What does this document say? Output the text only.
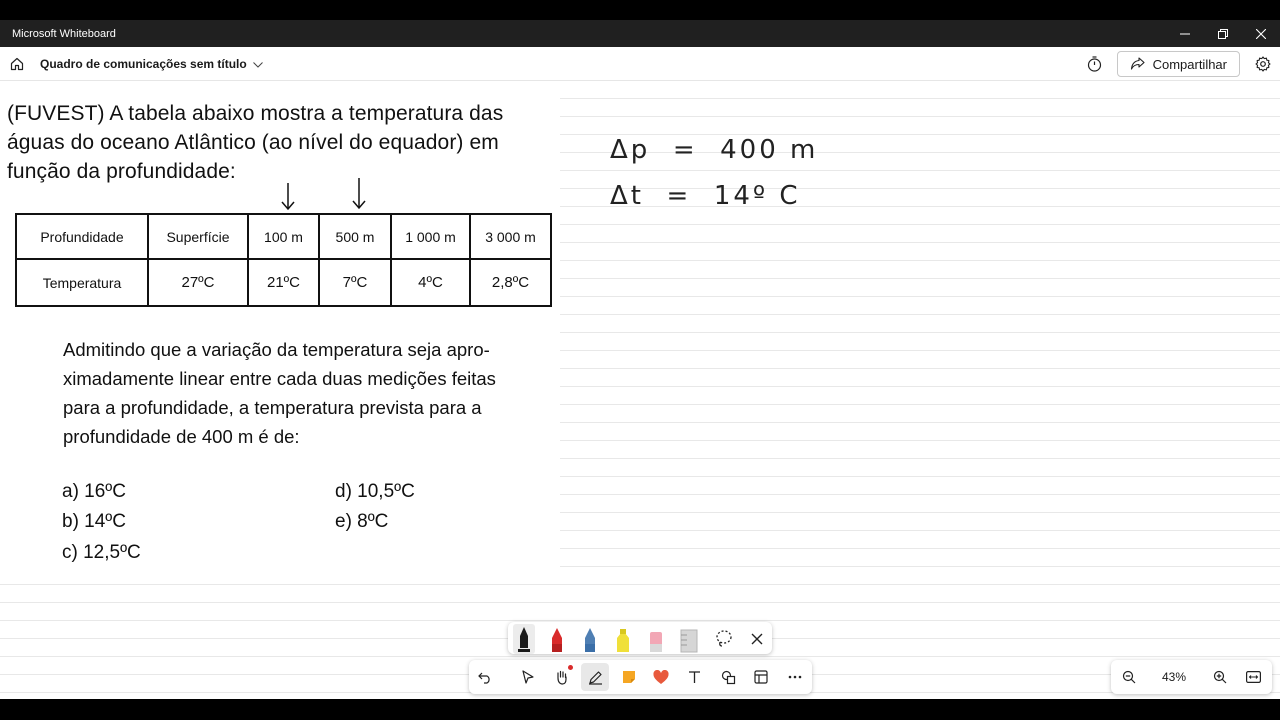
Microsoft Whiteboard
Quadro de comunicações sem título	Compartilhar
(FUVEST) A tabela abaixo mostra a temperatura das
águas do oceano Atlântico (ao nível do equador) em
função da profundidade:
Profundidade	Superfície	100 m	500 m	1 000 m	3 000 m
Temperatura	27ºC	21ºC	7ºC	4ºC	2,8ºC
Admitindo que a variação da temperatura seja apro-
ximadamente linear entre cada duas medições feitas
para a profundidade, a temperatura prevista para a
profundidade de 400 m é de:
a) 16ºC
b) 14ºC
c) 12,5ºC
d) 10,5ºC
e) 8ºC
Δp  =  400 m
Δt  =  14º C
43%
